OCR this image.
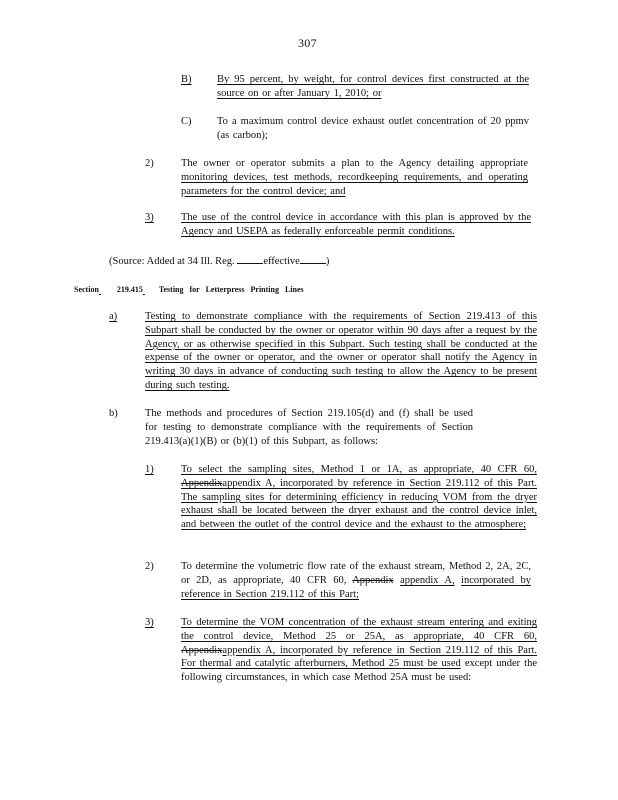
307
B) By 95 percent, by weight, for control devices first constructed at the source on or after January 1, 2010; or
C) To a maximum control device exhaust outlet concentration of 20 ppmv (as carbon);
2)	The owner or operator submits a plan to the Agency detailing appropriate monitoring devices, test methods, recordkeeping requirements, and operating parameters for the control device; and
3)	The use of the control device in accordance with this plan is approved by the Agency and USEPA as federally enforceable permit conditions.
(Source: Added at 34 Ill. Reg.	effective )
Section 219.415 Testing for Letterpress Printing Lines
a)	Testing to demonstrate compliance with the requirements of Section 219.413 of this Subpart shall be conducted by the owner or operator within 90 days after a request by the Agency, or as otherwise specified in this Subpart. Such testing shall be conducted at the expense of the owner or operator, and the owner or operator shall notify the Agency in writing 30 days in advance of conducting such testing to allow the Agency to be present during such testing.
b)	The methods and procedures of Section 219.105(d) and (f) shall be used for testing to demonstrate compliance with the requirements of Section 219.413(a)(1)(B) or (b)(1) of this Subpart, as follows:
1)	To select the sampling sites, Method 1 or 1A, as appropriate, 40 CFR 60, Appendixappendix A, incorporated by reference in Section 219.112 of this Part. The sampling sites for determining efficiency in reducing VOM from the dryer exhaust shall be located between the dryer exhaust and the control device inlet, and between the outlet of the control device and the exhaust to the atmosphere;
2)	To determine the volumetric flow rate of the exhaust stream, Method 2, 2A, 2C, or 2D, as appropriate, 40 CFR 60, Appendix appendix A, incorporated by reference in Section 219.112 of this Part;
3)	To determine the VOM concentration of the exhaust stream entering and exiting the control device, Method 25 or 25A, as appropriate, 40 CFR 60, Appendixappendix A, incorporated by reference in Section 219.112 of this Part. For thermal and catalytic afterburners, Method 25 must be used except under the following circumstances, in which case Method 25A must be used:
